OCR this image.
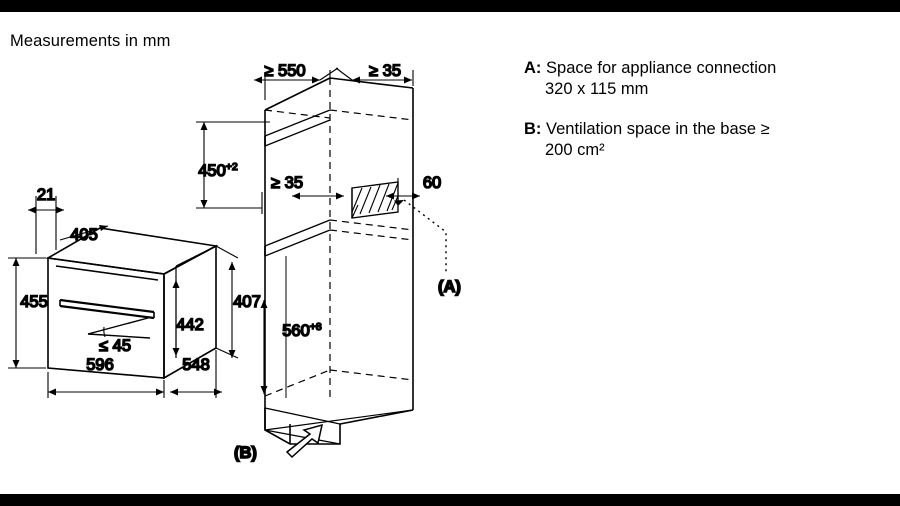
Measurements in mm
21
405
455
442
407
596	548
≤ 45
≥ 550	≥ 35
$450^{+2}$
≥ 35	60
$560^{+8}$
(A)
(B)
A: Space for appliance connection
320 x 115 mm
B: Ventilation space in the base ≥
200 cm²
